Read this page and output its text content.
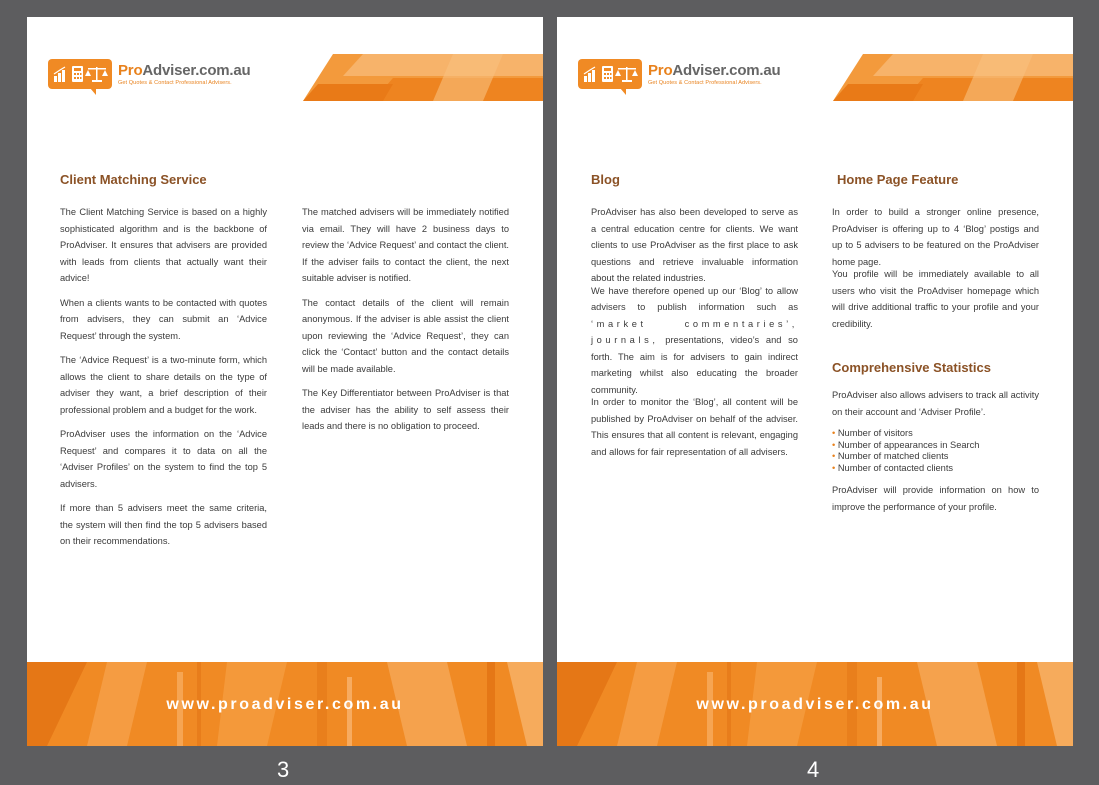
ProAdviser.com.au
Get Quotes & Contact Professional Advisers.
Client Matching Service

The Client Matching Service is based on a highly sophisticated algorithm and is the backbone of ProAdviser. It ensures that advisers are provided with leads from clients that actually want their advice!

When a clients wants to be contacted with quotes from advisers, they can submit an ‘Advice Request’ through the system.

The ‘Advice Request’ is a two-minute form, which allows the client to share details on the type of adviser they want, a brief description of their professional problem and a budget for the work.

ProAdviser uses the information on the ‘Advice Request’ and compares it to data on all the ‘Adviser Profiles’ on the system to find the top 5 advisers.

If more than 5 advisers meet the same criteria, the system will then find the top 5 advisers based on their recommendations.

The matched advisers will be immediately notified via email. They will have 2 business days to review the ‘Advice Request’ and contact the client. If the adviser fails to contact the client, the next suitable adviser is notified.

The contact details of the client will remain anonymous. If the adviser is able assist the client upon reviewing the ‘Advice Request’, they can click the ‘Contact’ button and the contact details will be made available.

The Key Differentiator between ProAdviser is that the adviser has the ability to self assess their leads and there is no obligation to proceed.

www.proadviser.com.au
3
ProAdviser.com.au
Get Quotes & Contact Professional Advisers.
Blog	Home Page Feature

ProAdviser has also been developed to serve as a central education centre for clients. We want clients to use ProAdviser as the first place to ask questions and retrieve invaluable information about the related industries.

We have therefore opened up our ‘Blog’ to allow advisers to publish information such as ‘market commentaries’, journals, presentations, video’s and so forth. The aim is for advisers to gain indirect marketing whilst also educating the broader community.

In order to monitor the ‘Blog’, all content will be published by ProAdviser on behalf of the adviser. This ensures that all content is relevant, engaging and allows for fair representation of all advisers.

In order to build a stronger online presence, ProAdviser is offering up to 4 ‘Blog’ postigs and up to 5 advisers to be featured on the ProAdviser home page.

You profile will be immediately available to all users who visit the ProAdviser homepage which will drive additional traffic to your profile and your credibility.

Comprehensive Statistics

ProAdviser also allows advisers to track all activity on their account and ‘Adviser Profile’.

• Number of visitors
• Number of appearances in Search
• Number of matched clients
• Number of contacted clients

ProAdviser will provide information on how to improve the performance of your profile.

www.proadviser.com.au
4
